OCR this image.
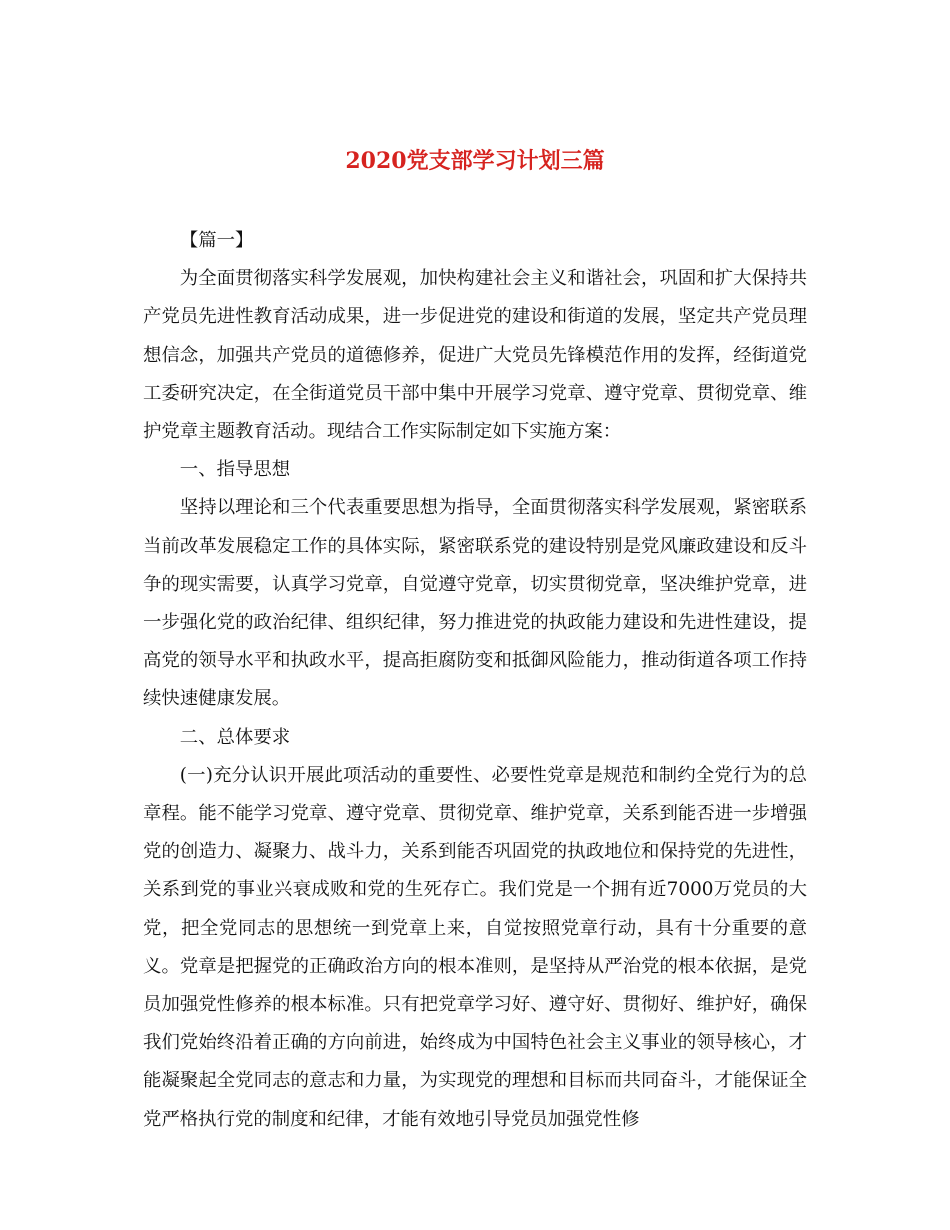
2020党支部学习计划三篇

【篇一】

为全面贯彻落实科学发展观，加快构建社会主义和谐社会，巩固和扩大保持共产党员先进性教育活动成果，进一步促进党的建设和街道的发展，坚定共产党员理想信念，加强共产党员的道德修养，促进广大党员先锋模范作用的发挥，经街道党工委研究决定，在全街道党员干部中集中开展学习党章、遵守党章、贯彻党章、维护党章主题教育活动。现结合工作实际制定如下实施方案：

一、指导思想

坚持以理论和三个代表重要思想为指导，全面贯彻落实科学发展观，紧密联系当前改革发展稳定工作的具体实际，紧密联系党的建设特别是党风廉政建设和反斗争的现实需要，认真学习党章，自觉遵守党章，切实贯彻党章，坚决维护党章，进一步强化党的政治纪律、组织纪律，努力推进党的执政能力建设和先进性建设，提高党的领导水平和执政水平，提高拒腐防变和抵御风险能力，推动街道各项工作持续快速健康发展。

二、总体要求

(一)充分认识开展此项活动的重要性、必要性党章是规范和制约全党行为的总章程。能不能学习党章、遵守党章、贯彻党章、维护党章，关系到能否进一步增强党的创造力、凝聚力、战斗力，关系到能否巩固党的执政地位和保持党的先进性，关系到党的事业兴衰成败和党的生死存亡。我们党是一个拥有近7000万党员的大党，把全党同志的思想统一到党章上来，自觉按照党章行动，具有十分重要的意义。党章是把握党的正确政治方向的根本准则，是坚持从严治党的根本依据，是党员加强党性修养的根本标准。只有把党章学习好、遵守好、贯彻好、维护好，确保我们党始终沿着正确的方向前进，始终成为中国特色社会主义事业的领导核心，才能凝聚起全党同志的意志和力量，为实现党的理想和目标而共同奋斗，才能保证全党严格执行党的制度和纪律，才能有效地引导党员加强党性修
